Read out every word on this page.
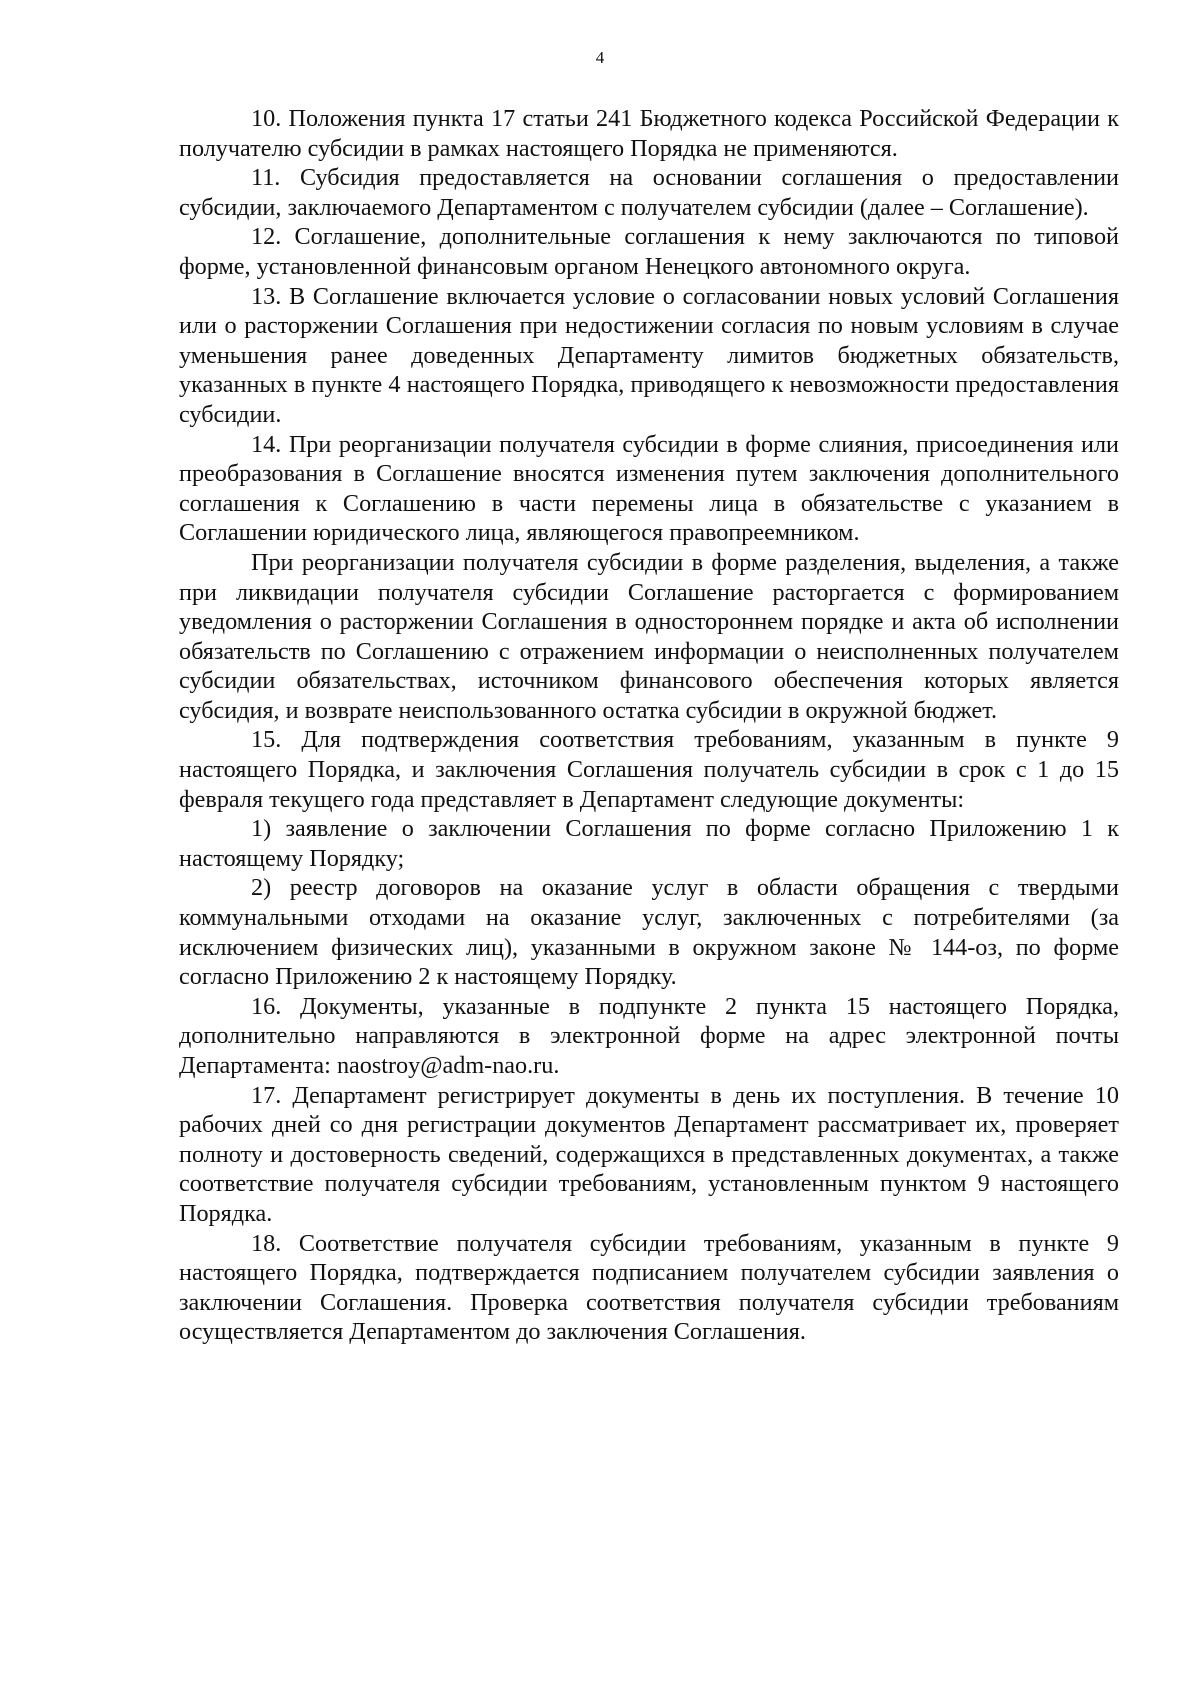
4

10. Положения пункта 17 статьи 241 Бюджетного кодекса Российской Федерации к получателю субсидии в рамках настоящего Порядка не применяются.

11. Субсидия предоставляется на основании соглашения о предоставлении субсидии, заключаемого Департаментом с получателем субсидии (далее – Соглашение).

12. Соглашение, дополнительные соглашения к нему заключаются по типовой форме, установленной финансовым органом Ненецкого автономного округа.

13. В Соглашение включается условие о согласовании новых условий Соглашения или о расторжении Соглашения при недостижении согласия по новым условиям в случае уменьшения ранее доведенных Департаменту лимитов бюджетных обязательств, указанных в пункте 4 настоящего Порядка, приводящего к невозможности предоставления субсидии.

14. При реорганизации получателя субсидии в форме слияния, присоединения или преобразования в Соглашение вносятся изменения путем заключения дополнительного соглашения к Соглашению в части перемены лица в обязательстве с указанием в Соглашении юридического лица, являющегося правопреемником.

При реорганизации получателя субсидии в форме разделения, выделения, а также при ликвидации получателя субсидии Соглашение расторгается с формированием уведомления о расторжении Соглашения в одностороннем порядке и акта об исполнении обязательств по Соглашению с отражением информации о неисполненных получателем субсидии обязательствах, источником финансового обеспечения которых является субсидия, и возврате неиспользованного остатка субсидии в окружной бюджет.

15. Для подтверждения соответствия требованиям, указанным в пункте 9 настоящего Порядка, и заключения Соглашения получатель субсидии в срок с 1 до 15 февраля текущего года представляет в Департамент следующие документы:

1) заявление о заключении Соглашения по форме согласно Приложению 1 к настоящему Порядку;

2) реестр договоров на оказание услуг в области обращения с твердыми коммунальными отходами на оказание услуг, заключенных с потребителями (за исключением физических лиц), указанными в окружном законе № 144-оз, по форме согласно Приложению 2 к настоящему Порядку.

16. Документы, указанные в подпункте 2 пункта 15 настоящего Порядка, дополнительно направляются в электронной форме на адрес электронной почты Департамента: naostroy@adm-nao.ru.

17. Департамент регистрирует документы в день их поступления. В течение 10 рабочих дней со дня регистрации документов Департамент рассматривает их, проверяет полноту и достоверность сведений, содержащихся в представленных документах, а также соответствие получателя субсидии требованиям, установленным пунктом 9 настоящего Порядка.

18. Соответствие получателя субсидии требованиям, указанным в пункте 9 настоящего Порядка, подтверждается подписанием получателем субсидии заявления о заключении Соглашения. Проверка соответствия получателя субсидии требованиям осуществляется Департаментом до заключения Соглашения.
